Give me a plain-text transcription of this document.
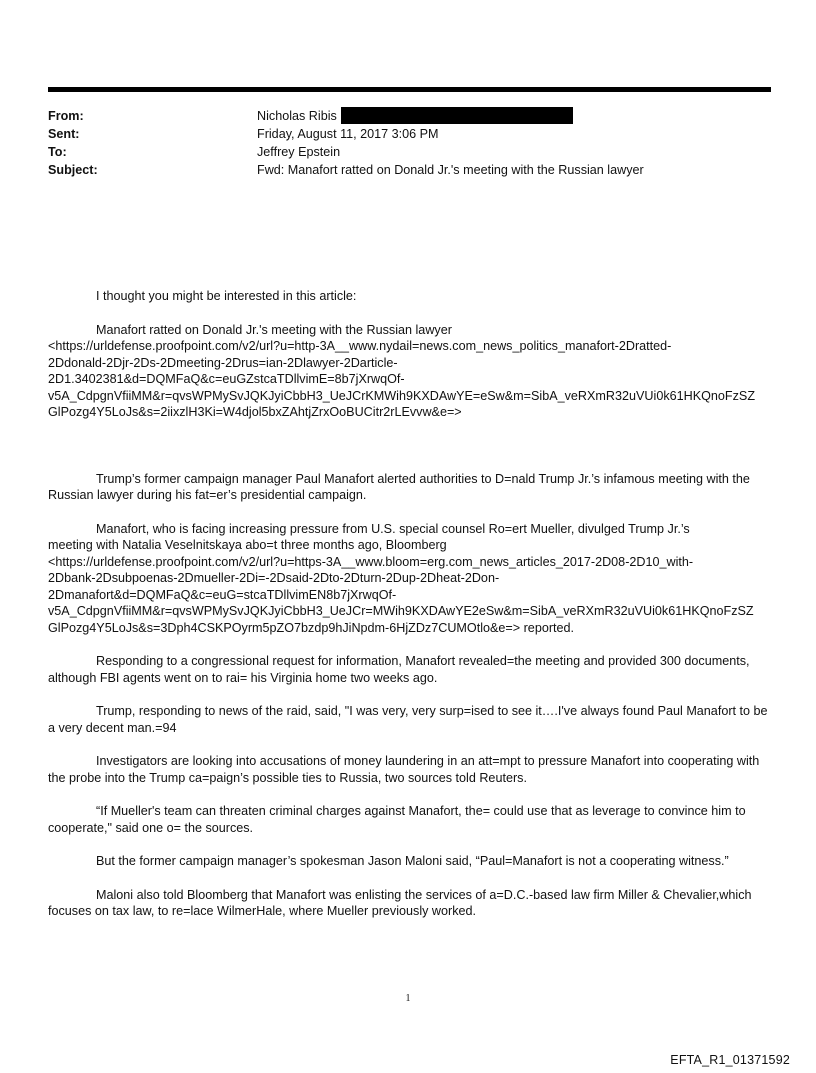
From:	Nicholas Ribis
Sent:	Friday, August 11, 2017 3:06 PM
To:	Jeffrey Epstein
Subject:	Fwd: Manafort ratted on Donald Jr.'s meeting with the Russian lawyer

I thought you might be interested in this article:

Manafort ratted on Donald Jr.'s meeting with the Russian lawyer

<https://urldefense.proofpoint.com/v2/url?u=http-3A__www.nydail=news.com_news_politics_manafort-2Dratted-
2Ddonald-2Djr-2Ds-2Dmeeting-2Drus=ian-2Dlawyer-2Darticle-
2D1.3402381&d=DQMFaQ&c=euGZstcaTDllvimE=8b7jXrwqOf-
v5A_CdpgnVfiiMM&r=qvsWPMySvJQKJyiCbbH3_UeJCrKMWih9KXDAwYE=eSw&m=SibA_veRXmR32uVUi0k61HKQnoFzSZ
GlPozg4Y5LoJs&s=2iixzlH3Ki=W4djol5bxZAhtjZrxOoBUCitr2rLEvvw&e=>

Trump’s former campaign manager Paul Manafort alerted authorities to D=nald Trump Jr.’s infamous meeting with the Russian lawyer during his fat=er’s presidential campaign.

Manafort, who is facing increasing pressure from U.S. special counsel Ro=ert Mueller, divulged Trump Jr.’s
meeting with Natalia Veselnitskaya abo=t three months ago, Bloomberg
<https://urldefense.proofpoint.com/v2/url?u=https-3A__www.bloom=erg.com_news_articles_2017-2D08-2D10_with-
2Dbank-2Dsubpoenas-2Dmueller-2Di=-2Dsaid-2Dto-2Dturn-2Dup-2Dheat-2Don-
2Dmanafort&d=DQMFaQ&c=euG=stcaTDllvimEN8b7jXrwqOf-
v5A_CdpgnVfiiMM&r=qvsWPMySvJQKJyiCbbH3_UeJCr=MWih9KXDAwYE2eSw&m=SibA_veRXmR32uVUi0k61HKQnoFzSZ
GlPozg4Y5LoJs&s=3Dph4CSKPOyrm5pZO7bzdp9hJiNpdm-6HjZDz7CUMOtlo&e=> reported.

Responding to a congressional request for information, Manafort revealed=the meeting and provided 300 documents, although FBI agents went on to rai= his Virginia home two weeks ago.

Trump, responding to news of the raid, said, "I was very, very surp=ised to see it….I've always found Paul Manafort to be a very decent man.=94

Investigators are looking into accusations of money laundering in an att=mpt to pressure Manafort into cooperating with the probe into the Trump ca=paign’s possible ties to Russia, two sources told Reuters.

“If Mueller's team can threaten criminal charges against Manafort, the= could use that as leverage to convince him to cooperate," said one o= the sources.

But the former campaign manager’s spokesman Jason Maloni said, “Paul=Manafort is not a cooperating witness.”

Maloni also told Bloomberg that Manafort was enlisting the services of a=D.C.-based law firm Miller & Chevalier,which focuses on tax law, to re=lace WilmerHale, where Mueller previously worked.

1
EFTA_R1_01371592
